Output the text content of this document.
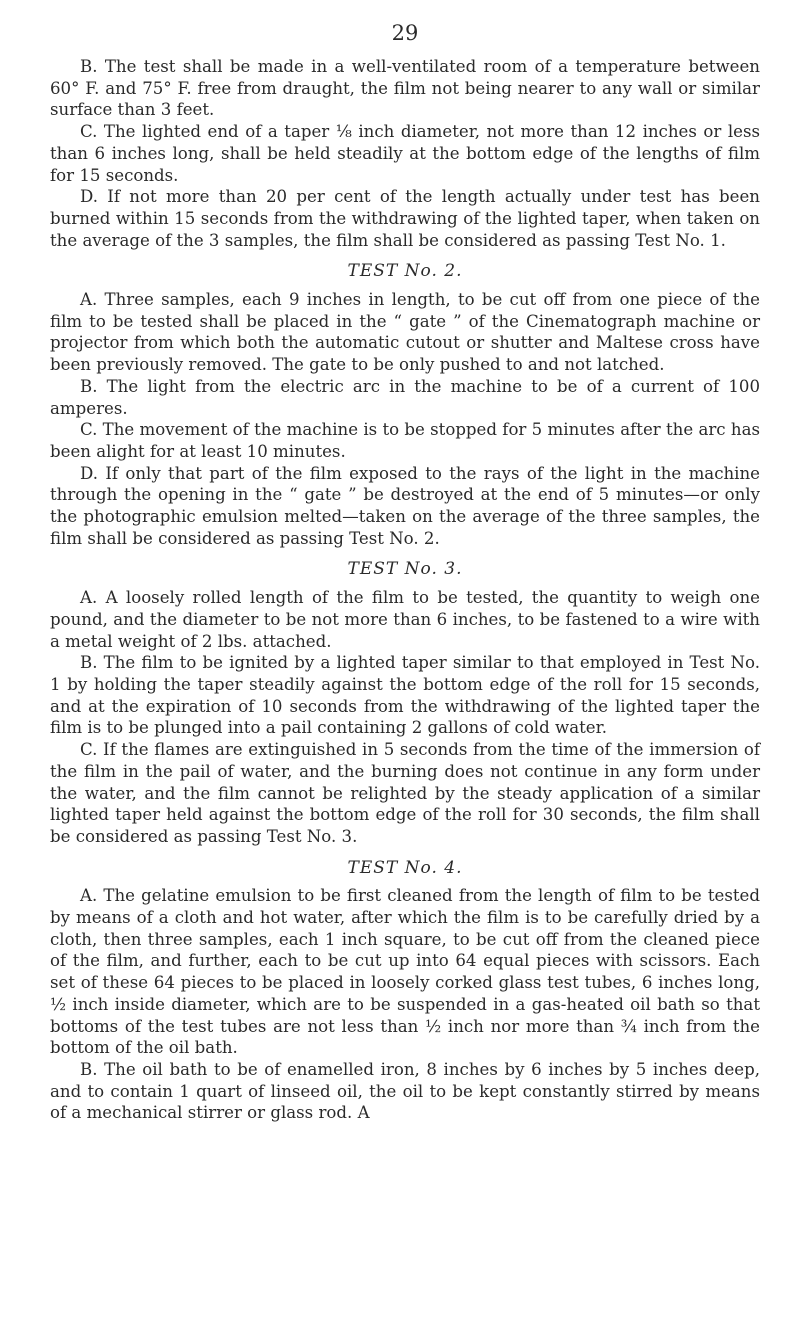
29

B. The test shall be made in a well-ventilated room of a temperature between 60° F. and 75° F. free from draught, the film not being nearer to any wall or similar surface than 3 feet.

C. The lighted end of a taper ⅛ inch diameter, not more than 12 inches or less than 6 inches long, shall be held steadily at the bottom edge of the lengths of film for 15 seconds.

D. If not more than 20 per cent of the length actually under test has been burned within 15 seconds from the withdrawing of the lighted taper, when taken on the average of the 3 samples, the film shall be considered as passing Test No. 1.

TEST No. 2.

A. Three samples, each 9 inches in length, to be cut off from one piece of the film to be tested shall be placed in the “ gate ” of the Cinematograph machine or projector from which both the automatic cutout or shutter and Maltese cross have been previously removed. The gate to be only pushed to and not latched.

B. The light from the electric arc in the machine to be of a current of 100 amperes.

C. The movement of the machine is to be stopped for 5 minutes after the arc has been alight for at least 10 minutes.

D. If only that part of the film exposed to the rays of the light in the machine through the opening in the “ gate ” be destroyed at the end of 5 minutes—or only the photographic emulsion melted—taken on the average of the three samples, the film shall be considered as passing Test No. 2.

TEST No. 3.

A. A loosely rolled length of the film to be tested, the quantity to weigh one pound, and the diameter to be not more than 6 inches, to be fastened to a wire with a metal weight of 2 lbs. attached.

B. The film to be ignited by a lighted taper similar to that employed in Test No. 1 by holding the taper steadily against the bottom edge of the roll for 15 seconds, and at the expiration of 10 seconds from the withdrawing of the lighted taper the film is to be plunged into a pail containing 2 gallons of cold water.

C. If the flames are extinguished in 5 seconds from the time of the immersion of the film in the pail of water, and the burning does not continue in any form under the water, and the film cannot be relighted by the steady application of a similar lighted taper held against the bottom edge of the roll for 30 seconds, the film shall be considered as passing Test No. 3.

TEST No. 4.

A. The gelatine emulsion to be first cleaned from the length of film to be tested by means of a cloth and hot water, after which the film is to be carefully dried by a cloth, then three samples, each 1 inch square, to be cut off from the cleaned piece of the film, and further, each to be cut up into 64 equal pieces with scissors. Each set of these 64 pieces to be placed in loosely corked glass test tubes, 6 inches long, ½ inch inside diameter, which are to be suspended in a gas-heated oil bath so that bottoms of the test tubes are not less than ½ inch nor more than ¾ inch from the bottom of the oil bath.

B. The oil bath to be of enamelled iron, 8 inches by 6 inches by 5 inches deep, and to contain 1 quart of linseed oil, the oil to be kept constantly stirred by means of a mechanical stirrer or glass rod. A
